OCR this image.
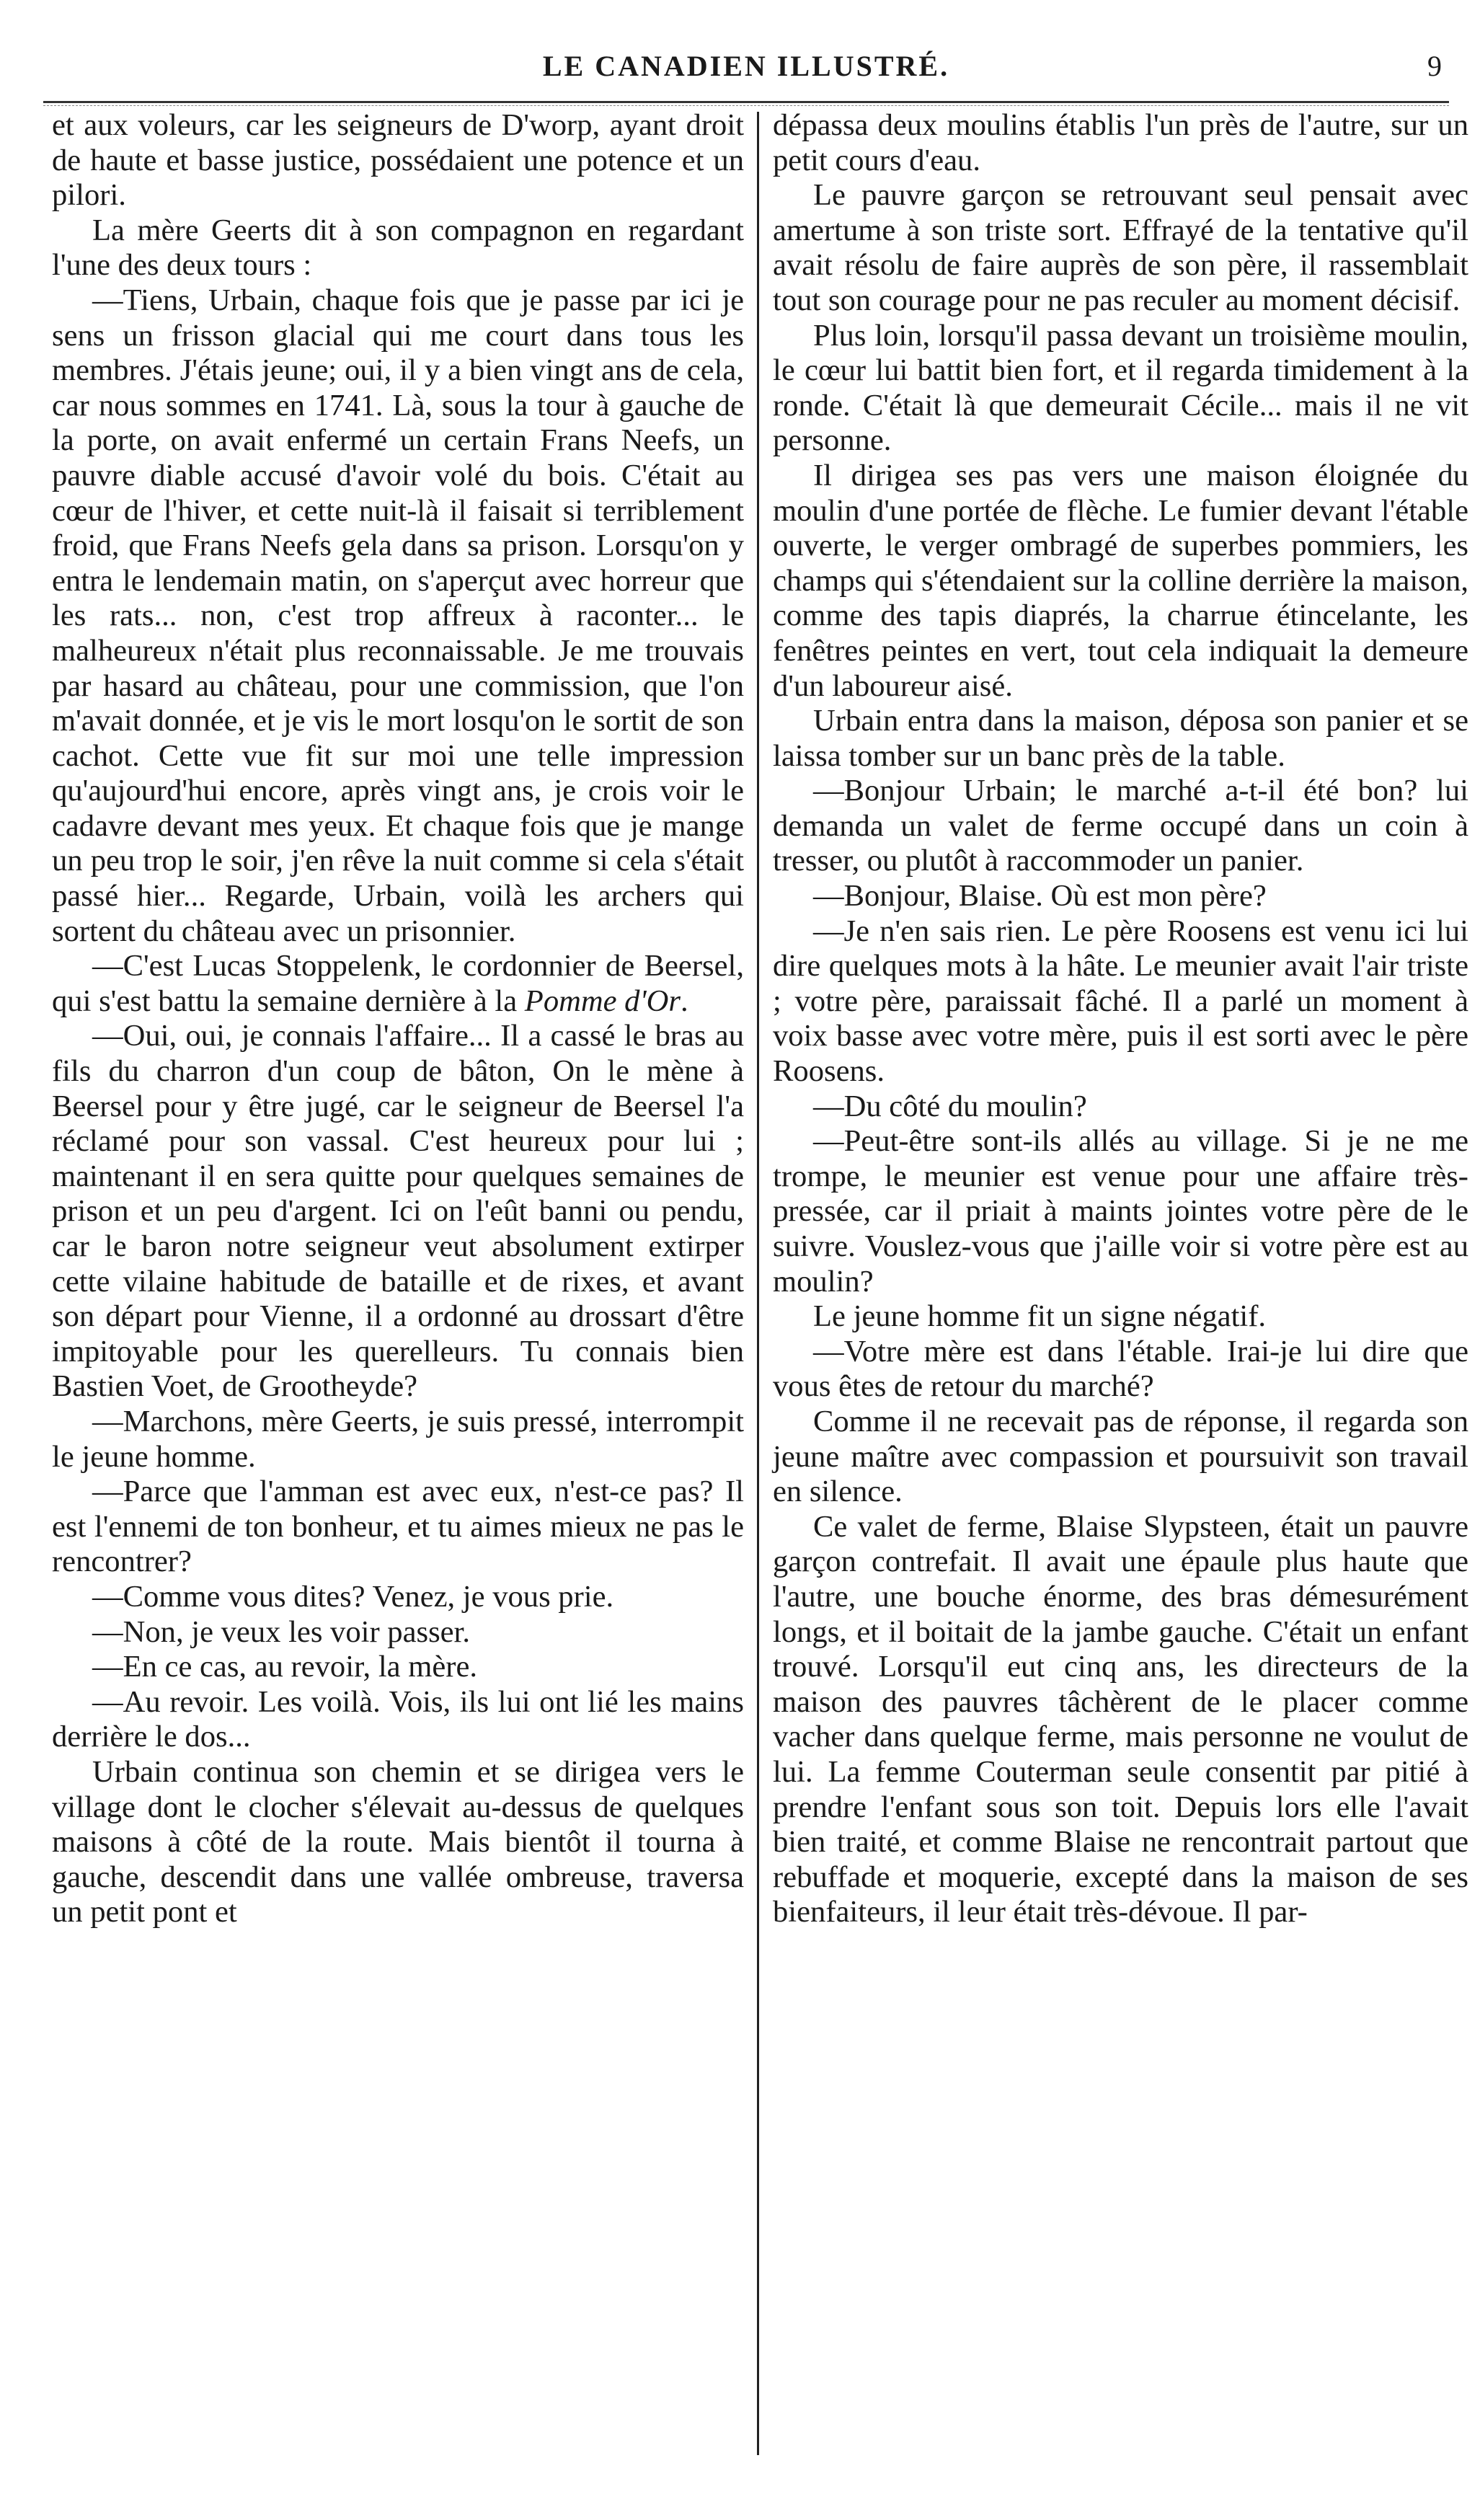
LE CANADIEN ILLUSTRÉ.	9

et aux voleurs, car les seigneurs de D'worp, ayant droit de haute et basse justice, possédaient une potence et un pilori.

La mère Geerts dit à son compagnon en regardant l'une des deux tours :

—Tiens, Urbain, chaque fois que je passe par ici je sens un frisson glacial qui me court dans tous les membres. J'étais jeune; oui, il y a bien vingt ans de cela, car nous sommes en 1741. Là, sous la tour à gauche de la porte, on avait enfermé un certain Frans Neefs, un pauvre diable accusé d'avoir volé du bois. C'était au cœur de l'hiver, et cette nuit-là il faisait si terriblement froid, que Frans Neefs gela dans sa prison. Lorsqu'on y entra le lendemain matin, on s'aperçut avec horreur que les rats... non, c'est trop affreux à raconter... le malheureux n'était plus reconnaissable. Je me trouvais par hasard au château, pour une commission, que l'on m'avait donnée, et je vis le mort losqu'on le sortit de son cachot. Cette vue fit sur moi une telle impression qu'aujourd'hui encore, après vingt ans, je crois voir le cadavre devant mes yeux. Et chaque fois que je mange un peu trop le soir, j'en rêve la nuit comme si cela s'était passé hier... Regarde, Urbain, voilà les archers qui sortent du château avec un prisonnier.

—C'est Lucas Stoppelenk, le cordonnier de Beersel, qui s'est battu la semaine dernière à la Pomme d'Or.

—Oui, oui, je connais l'affaire... Il a cassé le bras au fils du charron d'un coup de bâton, On le mène à Beersel pour y être jugé, car le seigneur de Beersel l'a réclamé pour son vassal. C'est heureux pour lui ; maintenant il en sera quitte pour quelques semaines de prison et un peu d'argent. Ici on l'eût banni ou pendu, car le baron notre seigneur veut absolument extirper cette vilaine habitude de bataille et de rixes, et avant son départ pour Vienne, il a ordonné au drossart d'être impitoyable pour les querelleurs. Tu connais bien Bastien Voet, de Grootheyde?

—Marchons, mère Geerts, je suis pressé, interrompit le jeune homme.

—Parce que l'amman est avec eux, n'est-ce pas? Il est l'ennemi de ton bonheur, et tu aimes mieux ne pas le rencontrer?

—Comme vous dites? Venez, je vous prie.

—Non, je veux les voir passer.

—En ce cas, au revoir, la mère.

—Au revoir. Les voilà. Vois, ils lui ont lié les mains derrière le dos...

Urbain continua son chemin et se dirigea vers le village dont le clocher s'élevait au-dessus de quelques maisons à côté de la route. Mais bientôt il tourna à gauche, descendit dans une vallée ombreuse, traversa un petit pont et

dépassa deux moulins établis l'un près de l'autre, sur un petit cours d'eau.

Le pauvre garçon se retrouvant seul pensait avec amertume à son triste sort. Effrayé de la tentative qu'il avait résolu de faire auprès de son père, il rassemblait tout son courage pour ne pas reculer au moment décisif.

Plus loin, lorsqu'il passa devant un troisième moulin, le cœur lui battit bien fort, et il regarda timidement à la ronde. C'était là que demeurait Cécile... mais il ne vit personne.

Il dirigea ses pas vers une maison éloignée du moulin d'une portée de flèche. Le fumier devant l'étable ouverte, le verger ombragé de superbes pommiers, les champs qui s'étendaient sur la colline derrière la maison, comme des tapis diaprés, la charrue étincelante, les fenêtres peintes en vert, tout cela indiquait la demeure d'un laboureur aisé.

Urbain entra dans la maison, déposa son panier et se laissa tomber sur un banc près de la table.

—Bonjour Urbain; le marché a-t-il été bon? lui demanda un valet de ferme occupé dans un coin à tresser, ou plutôt à raccommoder un panier.

—Bonjour, Blaise. Où est mon père?

—Je n'en sais rien. Le père Roosens est venu ici lui dire quelques mots à la hâte. Le meunier avait l'air triste ; votre père, paraissait fâché. Il a parlé un moment à voix basse avec votre mère, puis il est sorti avec le père Roosens.

—Du côté du moulin?

—Peut-être sont-ils allés au village. Si je ne me trompe, le meunier est venue pour une affaire très-pressée, car il priait à maints jointes votre père de le suivre. Vouslez-vous que j'aille voir si votre père est au moulin?

Le jeune homme fit un signe négatif.

—Votre mère est dans l'étable. Irai-je lui dire que vous êtes de retour du marché?

Comme il ne recevait pas de réponse, il regarda son jeune maître avec compassion et poursuivit son travail en silence.

Ce valet de ferme, Blaise Slypsteen, était un pauvre garçon contrefait. Il avait une épaule plus haute que l'autre, une bouche énorme, des bras démesurément longs, et il boitait de la jambe gauche. C'était un enfant trouvé. Lorsqu'il eut cinq ans, les directeurs de la maison des pauvres tâchèrent de le placer comme vacher dans quelque ferme, mais personne ne voulut de lui. La femme Couterman seule consentit par pitié à prendre l'enfant sous son toit. Depuis lors elle l'avait bien traité, et comme Blaise ne rencontrait partout que rebuffade et moquerie, excepté dans la maison de ses bienfaiteurs, il leur était très-dévoue. Il par-
